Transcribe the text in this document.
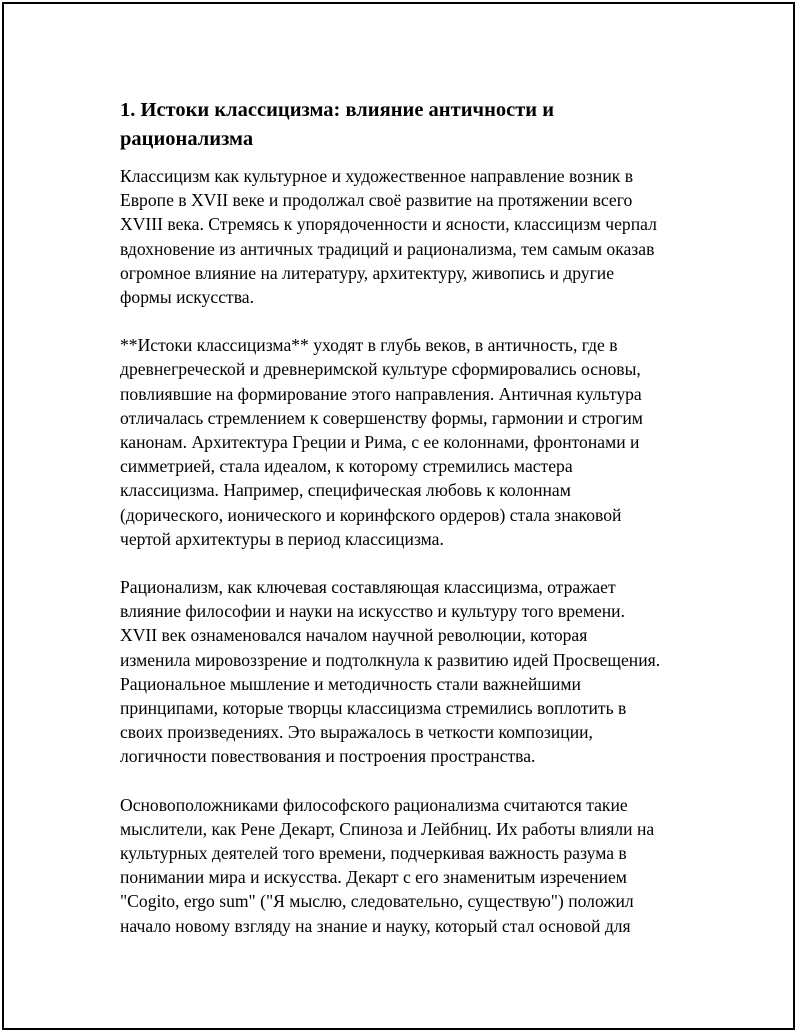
1. Истоки классицизма: влияние античности и
рационализма

Классицизм как культурное и художественное направление возник в
Европе в XVII веке и продолжал своё развитие на протяжении всего
XVIII века. Стремясь к упорядоченности и ясности, классицизм черпал
вдохновение из античных традиций и рационализма, тем самым оказав
огромное влияние на литературу, архитектуру, живопись и другие
формы искусства.

**Истоки классицизма** уходят в глубь веков, в античность, где в
древнегреческой и древнеримской культуре сформировались основы,
повлиявшие на формирование этого направления. Античная культура
отличалась стремлением к совершенству формы, гармонии и строгим
канонам. Архитектура Греции и Рима, с ее колоннами, фронтонами и
симметрией, стала идеалом, к которому стремились мастера
классицизма. Например, специфическая любовь к колоннам
(дорического, ионического и коринфского ордеров) стала знаковой
чертой архитектуры в период классицизма.

Рационализм, как ключевая составляющая классицизма, отражает
влияние философии и науки на искусство и культуру того времени.
XVII век ознаменовался началом научной революции, которая
изменила мировоззрение и подтолкнула к развитию идей Просвещения.
Рациональное мышление и методичность стали важнейшими
принципами, которые творцы классицизма стремились воплотить в
своих произведениях. Это выражалось в четкости композиции,
логичности повествования и построения пространства.

Основоположниками философского рационализма считаются такие
мыслители, как Рене Декарт, Спиноза и Лейбниц. Их работы влияли на
культурных деятелей того времени, подчеркивая важность разума в
понимании мира и искусства. Декарт с его знаменитым изречением
"Cogito, ergo sum" ("Я мыслю, следовательно, существую") положил
начало новому взгляду на знание и науку, который стал основой для
